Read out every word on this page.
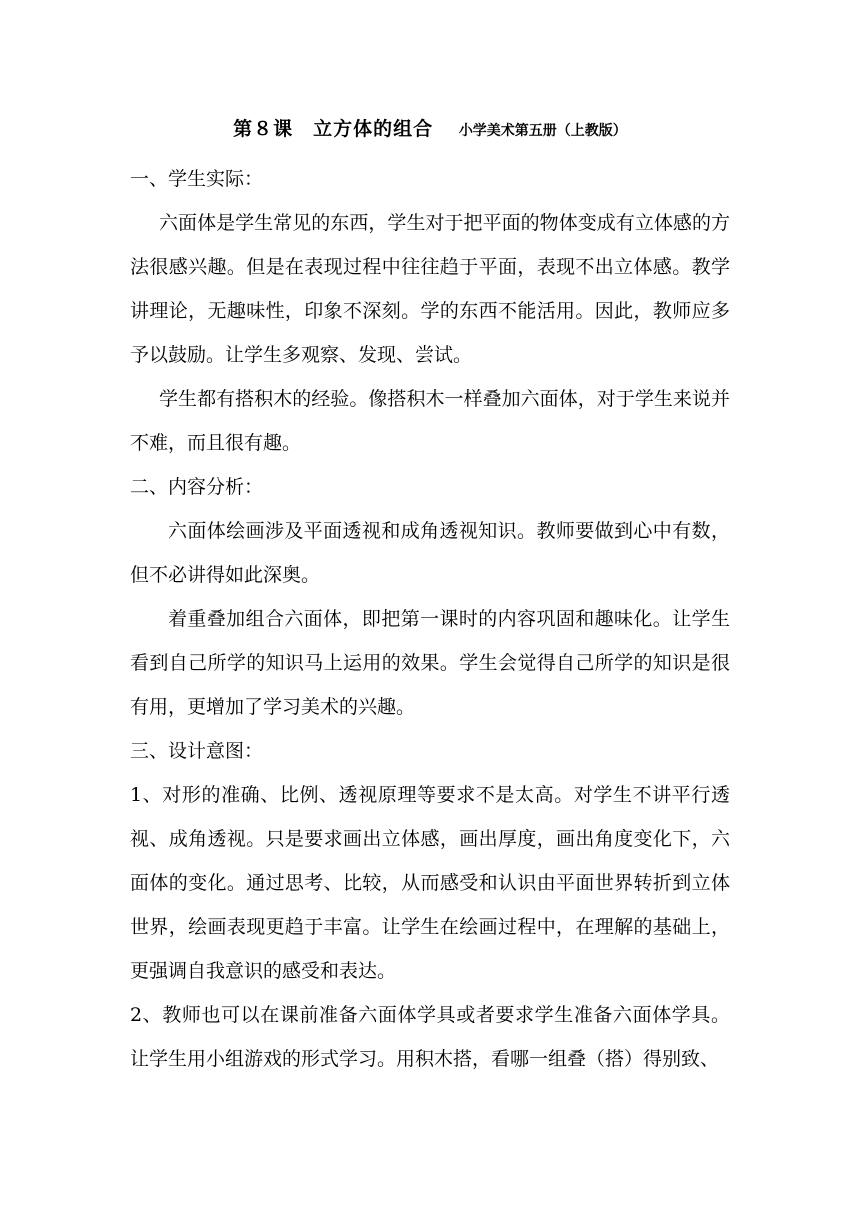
第８课　立方体的组合 小学美术第五册（上教版）

一、学生实际：

六面体是学生常见的东西，学生对于把平面的物体变成有立体感的方法很感兴趣。但是在表现过程中往往趋于平面，表现不出立体感。教学讲理论，无趣味性，印象不深刻。学的东西不能活用。因此，教师应多予以鼓励。让学生多观察、发现、尝试。

学生都有搭积木的经验。像搭积木一样叠加六面体，对于学生来说并不难，而且很有趣。

二、内容分析：

六面体绘画涉及平面透视和成角透视知识。教师要做到心中有数，但不必讲得如此深奥。

着重叠加组合六面体，即把第一课时的内容巩固和趣味化。让学生看到自己所学的知识马上运用的效果。学生会觉得自己所学的知识是很有用，更增加了学习美术的兴趣。

三、设计意图：

1、对形的准确、比例、透视原理等要求不是太高。对学生不讲平行透视、成角透视。只是要求画出立体感，画出厚度，画出角度变化下，六面体的变化。通过思考、比较，从而感受和认识由平面世界转折到立体世界，绘画表现更趋于丰富。让学生在绘画过程中，在理解的基础上，更强调自我意识的感受和表达。

2、教师也可以在课前准备六面体学具或者要求学生准备六面体学具。让学生用小组游戏的形式学习。用积木搭，看哪一组叠（搭）得别致、
